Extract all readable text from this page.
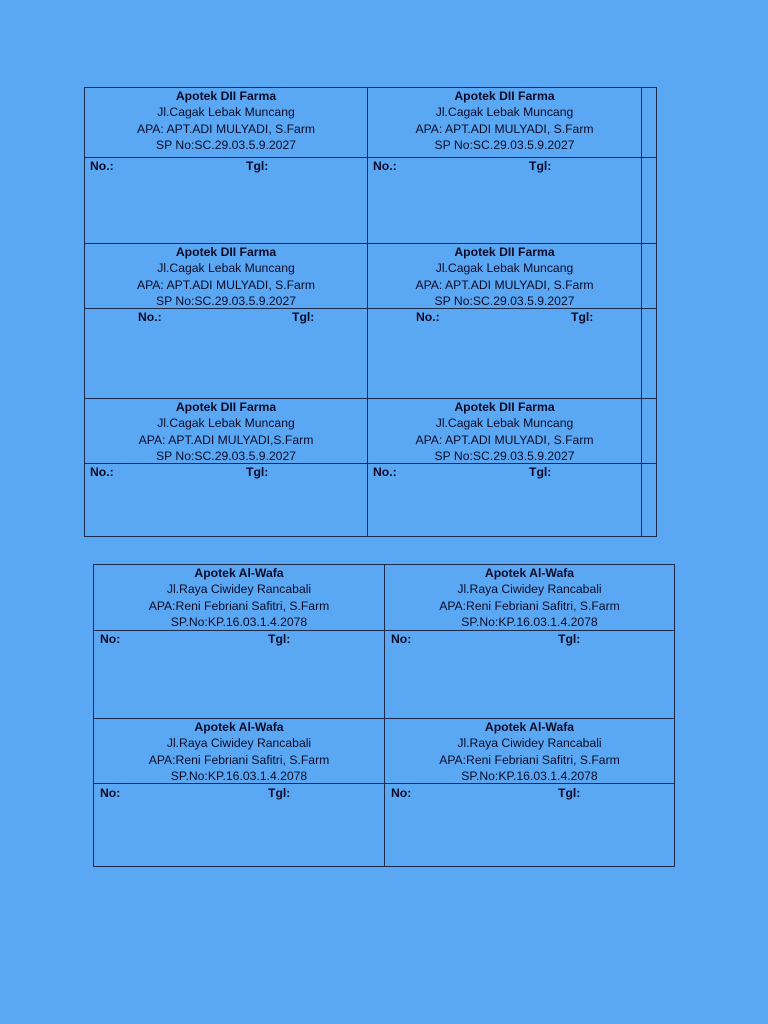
Apotek DII Farma
Jl.Cagak Lebak Muncang
APA: APT.ADI MULYADI, S.Farm
SP No:SC.29.03.5.9.2027
No.:	Tgl:
Apotek DII Farma
Jl.Cagak Lebak Muncang
APA: APT.ADI MULYADI, S.Farm
SP No:SC.29.03.5.9.2027
No.:	Tgl:
Apotek DII Farma
Jl.Cagak Lebak Muncang
APA: APT.ADI MULYADI, S.Farm
SP No:SC.29.03.5.9.2027
No.:	Tgl:
Apotek DII Farma
Jl.Cagak Lebak Muncang
APA: APT.ADI MULYADI, S.Farm
SP No:SC.29.03.5.9.2027
No.:	Tgl:
Apotek DII Farma
Jl.Cagak Lebak Muncang
APA: APT.ADI MULYADI,S.Farm
SP No:SC.29.03.5.9.2027
No.:	Tgl:
Apotek DII Farma
Jl.Cagak Lebak Muncang
APA: APT.ADI MULYADI, S.Farm
SP No:SC.29.03.5.9.2027
No.:	Tgl:
Apotek Al-Wafa
Jl.Raya Ciwidey Rancabali
APA:Reni Febriani Safitri, S.Farm
SP.No:KP.16.03.1.4.2078
No:	Tgl:
Apotek Al-Wafa
Jl.Raya Ciwidey Rancabali
APA:Reni Febriani Safitri, S.Farm
SP.No:KP.16.03.1.4.2078
No:	Tgl:
Apotek Al-Wafa
Jl.Raya Ciwidey Rancabali
APA:Reni Febriani Safitri, S.Farm
SP.No:KP.16.03.1.4.2078
No:	Tgl:
Apotek Al-Wafa
Jl.Raya Ciwidey Rancabali
APA:Reni Febriani Safitri, S.Farm
SP.No:KP.16.03.1.4.2078
No:	Tgl:
